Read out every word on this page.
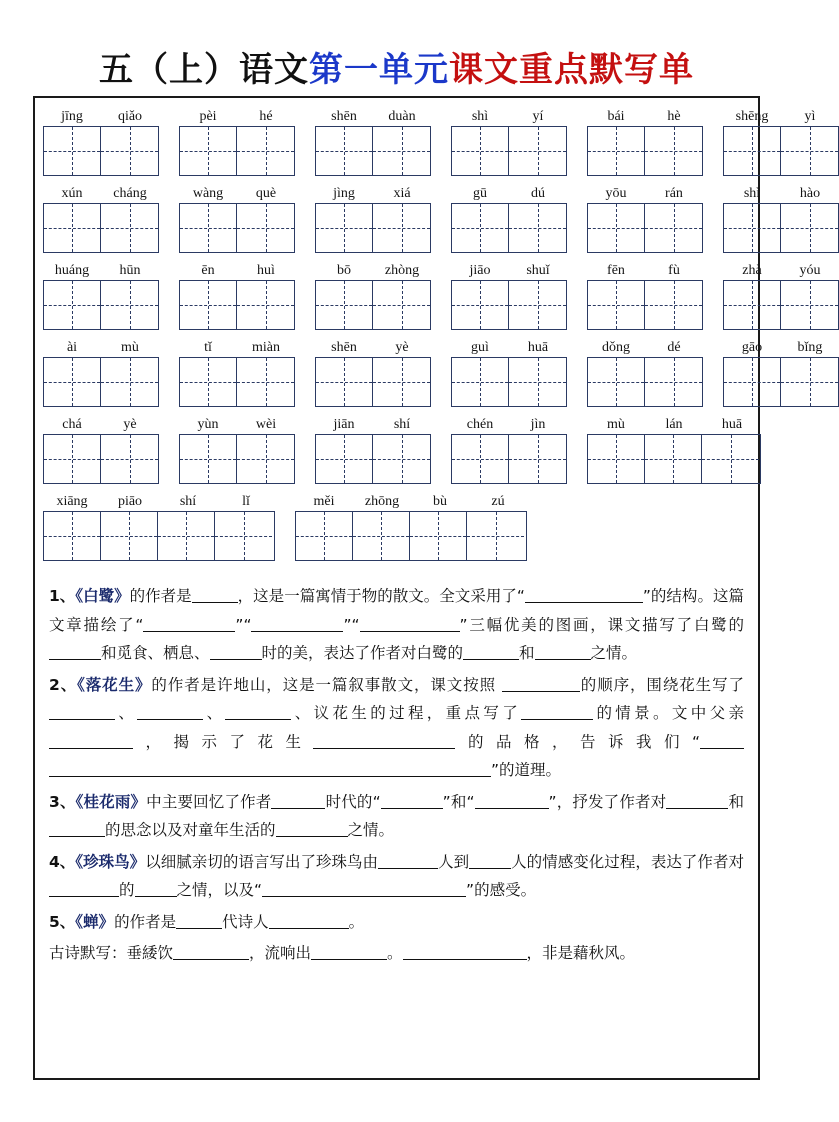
五（上）语文第一单元课文重点默写单
jīng	qiǎo	pèi	hé	shēn	duàn	shì	yí	bái	hè	shēng	yì
xún	cháng	wàng	què	jìng	xiá	gū	dú	yōu	rán	shì	hào
huáng	hūn	ēn	huì	bō	zhòng	jiāo	shuǐ	fēn	fù	zhà	yóu
ài	mù	tǐ	miàn	shēn	yè	guì	huā	dǒng	dé	gāo	bǐng
chá	yè	yùn	wèi	jiān	shí	chén	jìn	mù	lán	huā
xiāng	piāo	shí	lǐ	měi	zhōng	bù	zú
1、《白鹭》的作者是	，这是一篇寓情于物的散文。全文采用了“	”的结构。这篇文章描绘了“	”“	”“	”三幅优美的图画，课文描写了白鹭的 和觅食、栖息、	时的美，表达了作者对白鹭的	和	之情。
2、《落花生》的作者是许地山，这是一篇叙事散文，课文按照	的顺序，围绕花生写了、	、	、议花生的过程，重点写了	的情景。文中父亲，揭示了花生	的品格，告诉我们“”的道理。
3、《桂花雨》中主要回忆了作者	时代的“	”和“	”，抒发了作者对	和的思念以及对童年生活的	之情。
4、《珍珠鸟》以细腻亲切的语言写出了珍珠鸟由	人到	人的情感变化过程，表达了作者对的	之情，以及“	”的感受。
5、《蝉》的作者是	代诗人	。
古诗默写：垂緌饮	，流响出	。	，非是藉秋风。
